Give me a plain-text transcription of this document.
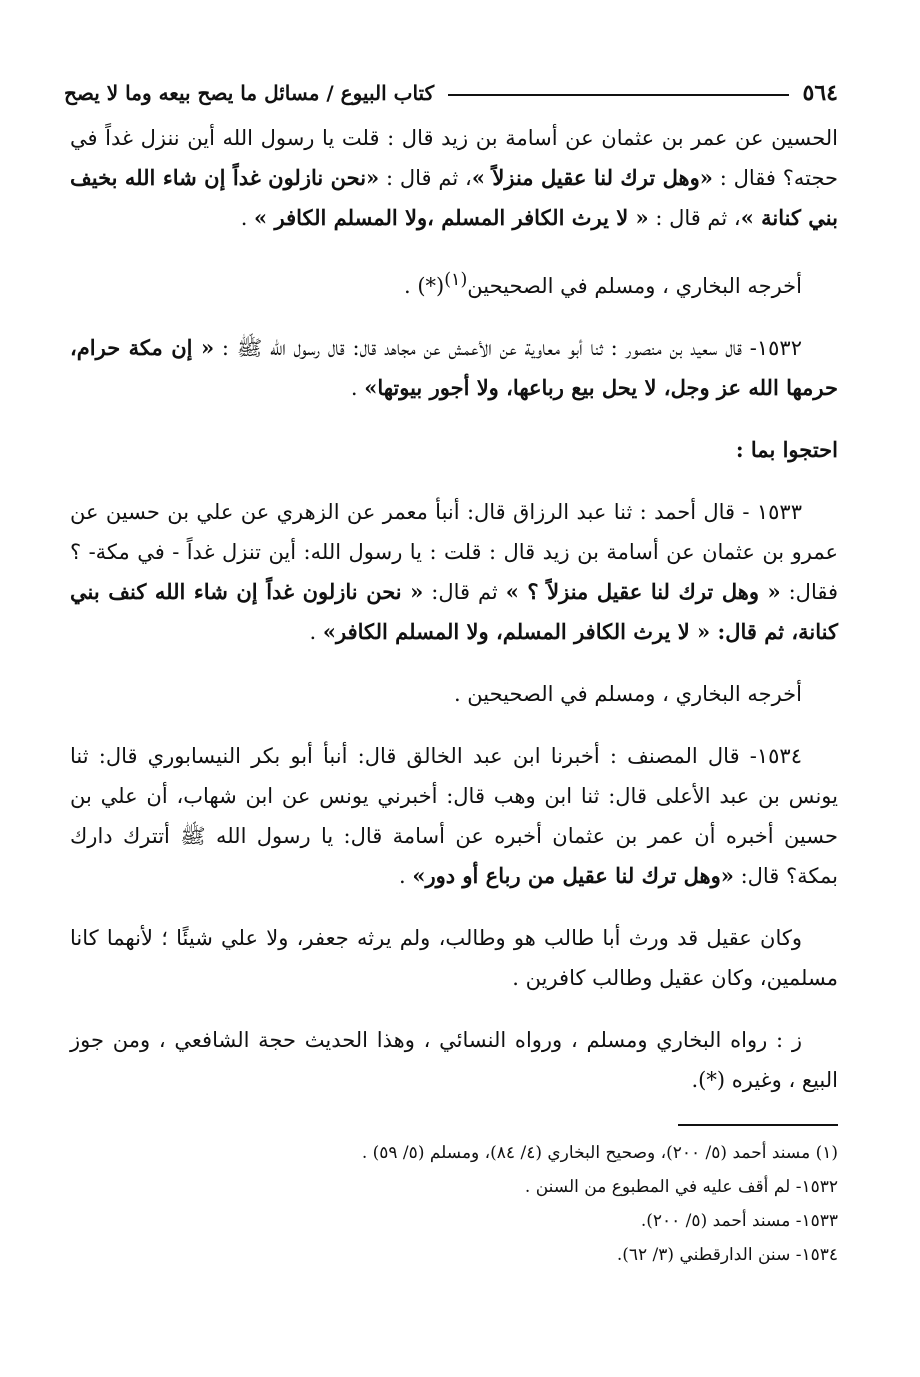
٥٦٤
كتاب البيوع / مسائل ما يصح بيعه وما لا يصح

الحسين عن عمر بن عثمان عن أسامة بن زيد قال : قلت يا رسول الله أين ننزل غداً في حجته؟ فقال : «وهل ترك لنا عقيل منزلاً »، ثم قال : «نحن نازلون غداً إن شاء الله بخيف بني كنانة »، ثم قال : « لا يرث الكافر المسلم ،ولا المسلم الكافر » .

أخرجه البخاري ، ومسلم في الصحيحين$^{(١)}$(*) .

١٥٣٢- قال سعيد بن منصور : ثنا أبو معاوية عن الأعمش عن مجاهد قال: قال رسول الله ﷺ : « إن مكة حرام، حرمها الله عز وجل، لا يحل بيع رباعها، ولا أجور بيوتها» .

احتجوا بما :

١٥٣٣ - قال أحمد : ثنا عبد الرزاق قال: أنبأ معمر عن الزهري عن علي بن حسين عن عمرو بن عثمان عن أسامة بن زيد قال : قلت : يا رسول الله: أين تنزل غداً - في مكة- ؟ فقال: « وهل ترك لنا عقيل منزلاً ؟ » ثم قال: « نحن نازلون غداً إن شاء الله كنف بني كنانة، ثم قال: « لا يرث الكافر المسلم، ولا المسلم الكافر» .

أخرجه البخاري ، ومسلم في الصحيحين .

١٥٣٤- قال المصنف : أخبرنا ابن عبد الخالق قال: أنبأ أبو بكر النيسابوري قال: ثنا يونس بن عبد الأعلى قال: ثنا ابن وهب قال: أخبرني يونس عن ابن شهاب، أن علي بن حسين أخبره أن عمر بن عثمان أخبره عن أسامة قال: يا رسول الله ﷺ أتترك دارك بمكة؟ قال: «وهل ترك لنا عقيل من رباع أو دور» .

وكان عقيل قد ورث أبا طالب هو وطالب، ولم يرثه جعفر، ولا علي شيئًا ؛ لأنهما كانا مسلمين، وكان عقيل وطالب كافرين .

ز : رواه البخاري ومسلم ، ورواه النسائي ، وهذا الحديث حجة الشافعي ، ومن جوز البيع ، وغيره (*).

(١) مسند أحمد (٥/ ٢٠٠)، وصحيح البخاري (٤/ ٨٤)، ومسلم (٥/ ٥٩) .

١٥٣٢- لم أقف عليه في المطبوع من السنن .

١٥٣٣- مسند أحمد (٥/ ٢٠٠).

١٥٣٤- سنن الدارقطني (٣/ ٦٢).
